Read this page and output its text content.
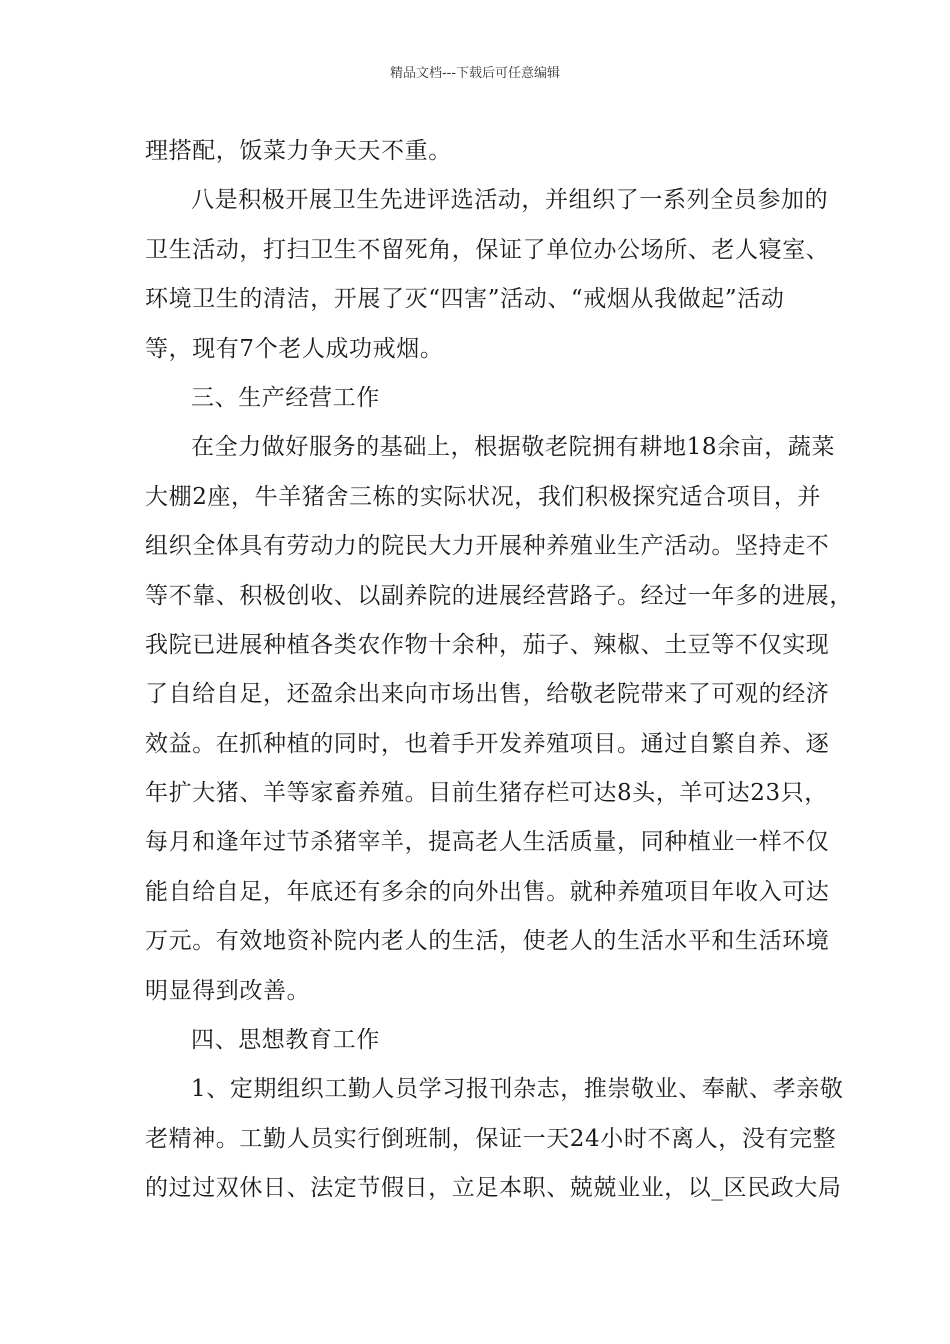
精品文档---下载后可任意编辑
理搭配，饭菜力争天天不重。
八是积极开展卫生先进评选活动，并组织了一系列全员参加的
卫生活动，打扫卫生不留死角，保证了单位办公场所、老人寝室、
环境卫生的清洁，开展了灭“四害”活动、“戒烟从我做起”活动
等，现有7个老人成功戒烟。
三、生产经营工作
在全力做好服务的基础上，根据敬老院拥有耕地18余亩，蔬菜
大棚2座，牛羊猪舍三栋的实际状况，我们积极探究适合项目，并
组织全体具有劳动力的院民大力开展种养殖业生产活动。坚持走不
等不靠、积极创收、以副养院的进展经营路子。经过一年多的进展，
我院已进展种植各类农作物十余种，茄子、辣椒、土豆等不仅实现
了自给自足，还盈余出来向市场出售，给敬老院带来了可观的经济
效益。在抓种植的同时，也着手开发养殖项目。通过自繁自养、逐
年扩大猪、羊等家畜养殖。目前生猪存栏可达8头，羊可达23只，
每月和逢年过节杀猪宰羊，提高老人生活质量，同种植业一样不仅
能自给自足，年底还有多余的向外出售。就种养殖项目年收入可达
万元。有效地资补院内老人的生活，使老人的生活水平和生活环境
明显得到改善。
四、思想教育工作
1、定期组织工勤人员学习报刊杂志，推崇敬业、奉献、孝亲敬
老精神。工勤人员实行倒班制，保证一天24小时不离人，没有完整
的过过双休日、法定节假日，立足本职、兢兢业业，以_区民政大局
